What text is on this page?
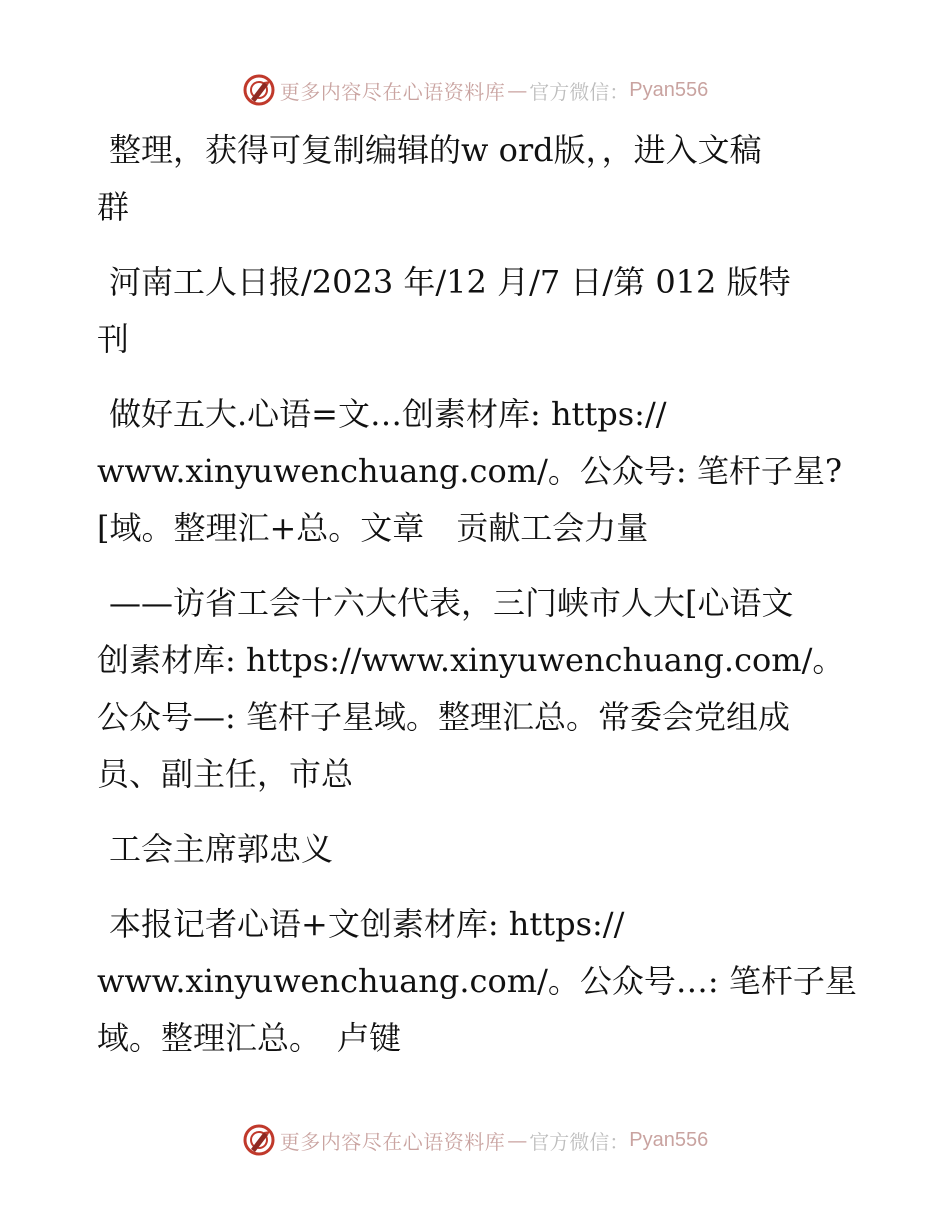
更多内容尽在心语资料库 — 官方微信： Pyan556

整理，获得可复制编辑的w ord版，，进入文稿
群

河南工人日报/2023 年/12 月/7 日/第 012 版特
刊

做好五大.心语=文…创素材库: https://
www.xinyuwenchuang.com/。公众号: 笔杆子星?
[域。整理汇+总。文章　贡献工会力量

——访省工会十六大代表，三门峡市人大[心语文
创素材库: https://www.xinyuwenchuang.com/。
公众号—: 笔杆子星域。整理汇总。常委会党组成
员、副主任，市总

工会主席郭忠义

本报记者心语+文创素材库: https://
www.xinyuwenchuang.com/。公众号…: 笔杆子星
域。整理汇总。　卢键

更多内容尽在心语资料库 — 官方微信： Pyan556
